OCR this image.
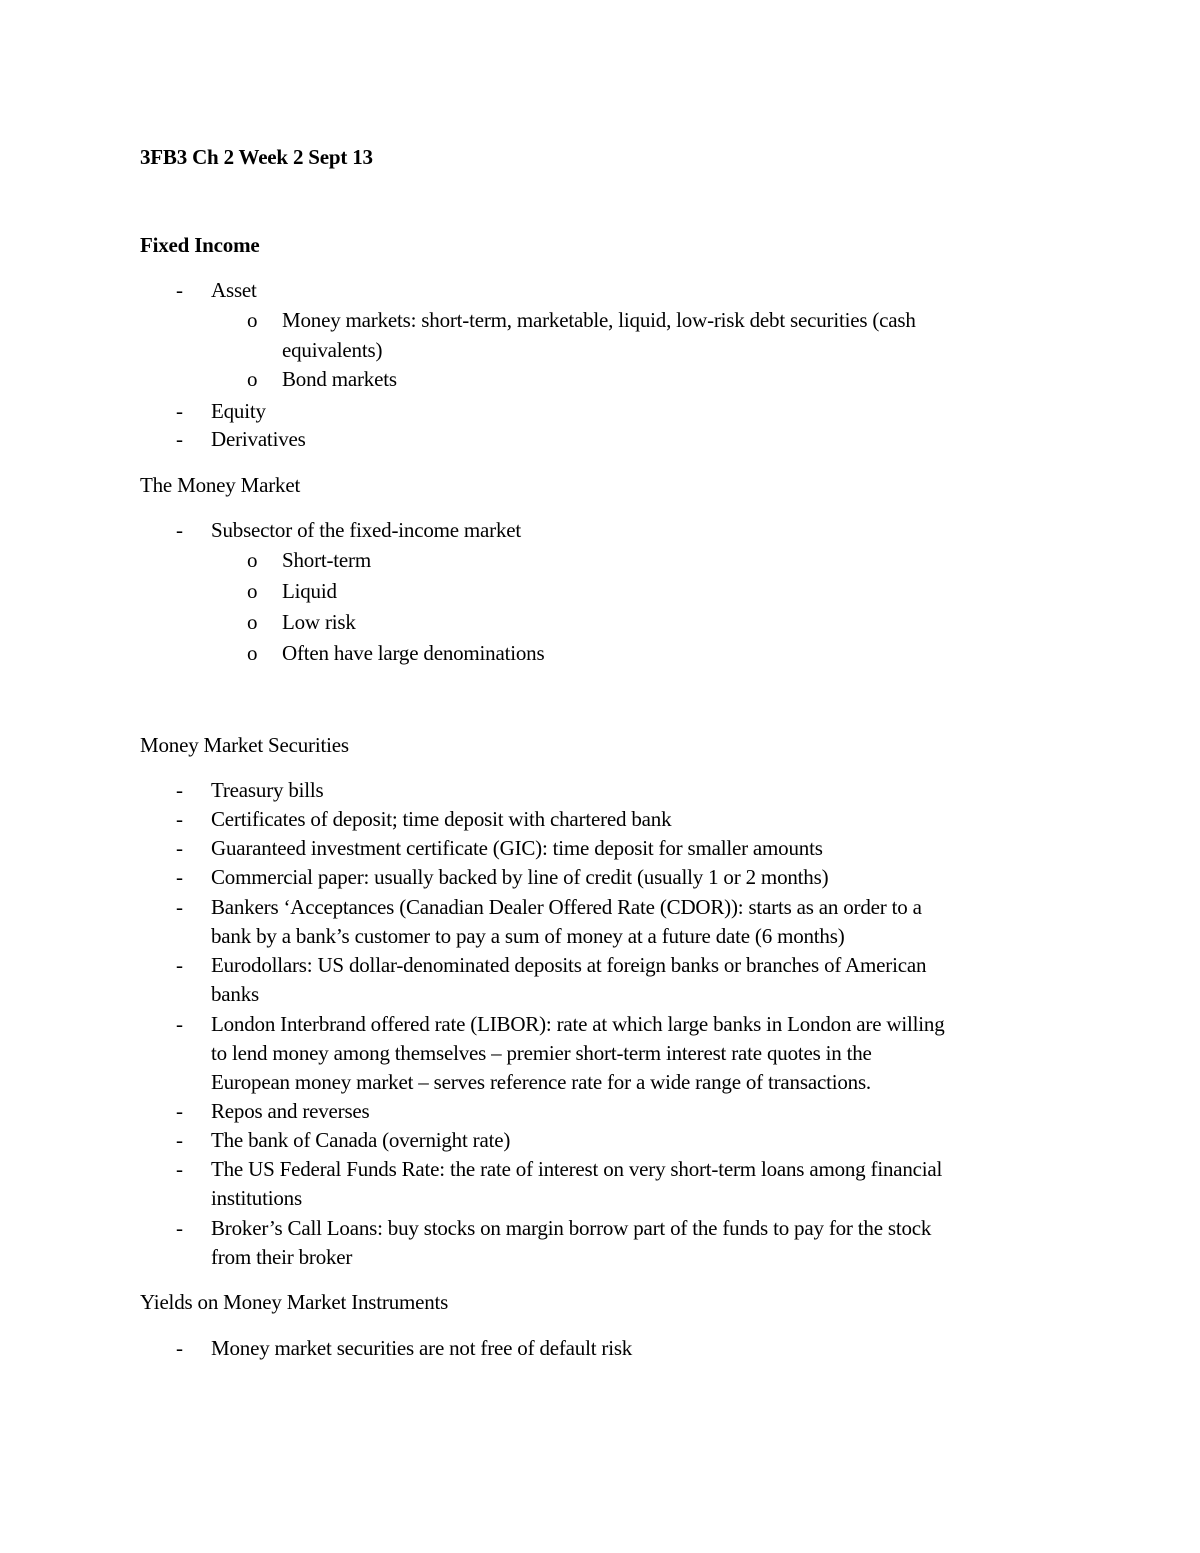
3FB3 Ch 2 Week 2 Sept 13
Fixed Income
- Asset
o Money markets: short-term, marketable, liquid, low-risk debt securities (cash
equivalents)
o Bond markets
- Equity
- Derivatives
The Money Market
- Subsector of the fixed-income market
o Short-term
o Liquid
o Low risk
o Often have large denominations
Money Market Securities
- Treasury bills
- Certificates of deposit; time deposit with chartered bank
- Guaranteed investment certificate (GIC): time deposit for smaller amounts
- Commercial paper: usually backed by line of credit (usually 1 or 2 months)
- Bankers ‘Acceptances (Canadian Dealer Offered Rate (CDOR)): starts as an order to a
bank by a bank’s customer to pay a sum of money at a future date (6 months)
- Eurodollars: US dollar-denominated deposits at foreign banks or branches of American
banks
- London Interbrand offered rate (LIBOR): rate at which large banks in London are willing
to lend money among themselves – premier short-term interest rate quotes in the
European money market – serves reference rate for a wide range of transactions.
- Repos and reverses
- The bank of Canada (overnight rate)
- The US Federal Funds Rate: the rate of interest on very short-term loans among financial
institutions
- Broker’s Call Loans: buy stocks on margin borrow part of the funds to pay for the stock
from their broker
Yields on Money Market Instruments
- Money market securities are not free of default risk
